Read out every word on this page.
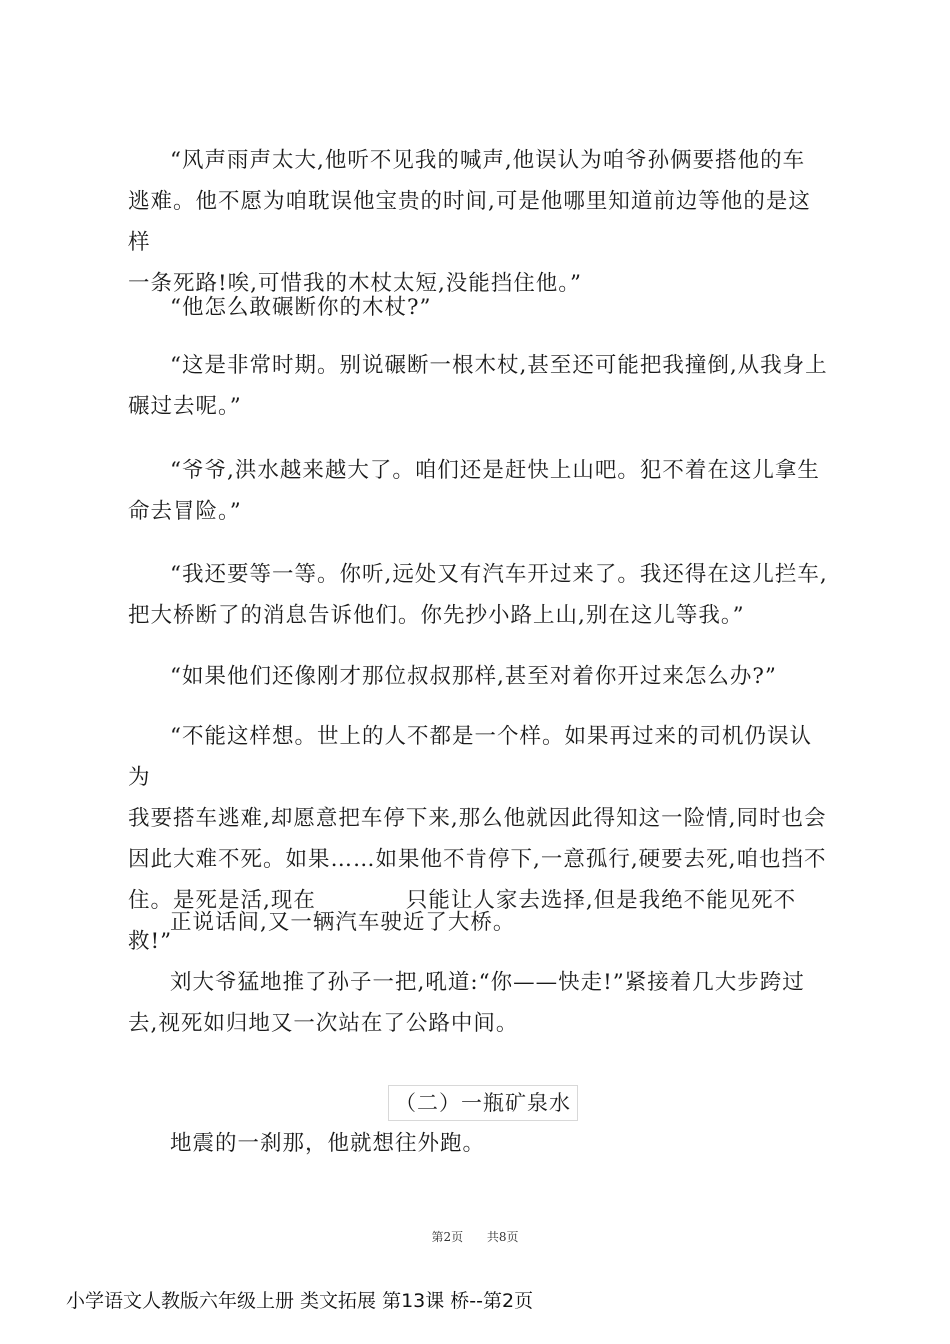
“风声雨声太大,他听不见我的喊声,他误认为咱爷孙俩要搭他的车
逃难。他不愿为咱耽误他宝贵的时间,可是他哪里知道前边等他的是这样
一条死路!唉,可惜我的木杖太短,没能挡住他。”
“他怎么敢碾断你的木杖?”
“这是非常时期。别说碾断一根木杖,甚至还可能把我撞倒,从我身上
碾过去呢。”
“爷爷,洪水越来越大了。咱们还是赶快上山吧。犯不着在这儿拿生
命去冒险。”
“我还要等一等。你听,远处又有汽车开过来了。我还得在这儿拦车,
把大桥断了的消息告诉他们。你先抄小路上山,别在这儿等我。”
“如果他们还像刚才那位叔叔那样,甚至对着你开过来怎么办?”
“不能这样想。世上的人不都是一个样。如果再过来的司机仍误认为
我要搭车逃难,却愿意把车停下来,那么他就因此得知这一险情,同时也会
因此大难不死。如果……如果他不肯停下,一意孤行,硬要去死,咱也挡不
住。是死是活,现在　　　　只能让人家去选择,但是我绝不能见死不救!”
正说话间,又一辆汽车驶近了大桥。
刘大爷猛地推了孙子一把,吼道:“你——快走!”紧接着几大步跨过
去,视死如归地又一次站在了公路中间。
（二）一瓶矿泉水
地震的一刹那，他就想往外跑。
第2页 共8页
小学语文人教版六年级上册 类文拓展 第13课 桥--第2页
